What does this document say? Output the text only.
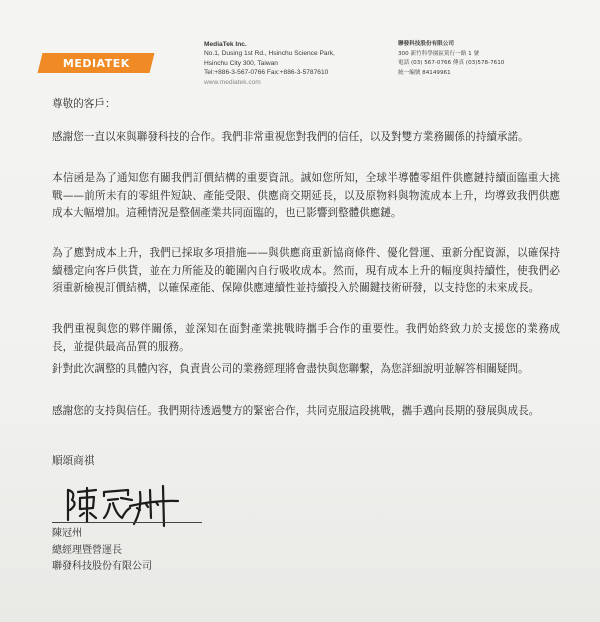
MEDIATEK
MediaTek Inc.
No.1, Dusing 1st Rd., Hsinchu Science Park,
Hsinchu City 300, Taiwan
Tel:+886-3-567-0766 Fax:+886-3-5787610
www.mediatek.com
聯發科技股份有限公司
300 新竹科學園區篤行一路 1 號
電話 (03) 567-0766 傳真 (03)578-7610
統一編號 84149961
尊敬的客戶：

感謝您一直以來與聯發科技的合作。我們非常重視您對我們的信任，以及對雙方業務關係的持續承諾。

本信函是為了通知您有關我們訂價結構的重要資訊。誠如您所知，全球半導體零組件供應鏈持續面臨重大挑戰——前所未有的零組件短缺、產能受限、供應商交期延長，以及原物料與物流成本上升，均導致我們供應成本大幅增加。這種情況是整個產業共同面臨的，也已影響到整體供應鏈。

為了應對成本上升，我們已採取多項措施——與供應商重新協商條件、優化營運、重新分配資源，以確保持續穩定向客戶供貨，並在力所能及的範圍內自行吸收成本。然而，現有成本上升的幅度與持續性，使我們必須重新檢視訂價結構，以確保產能、保障供應連續性並持續投入於關鍵技術研發，以支持您的未來成長。

我們重視與您的夥伴關係，並深知在面對產業挑戰時攜手合作的重要性。我們始終致力於支援您的業務成長，並提供最高品質的服務。

針對此次調整的具體內容，負責貴公司的業務經理將會盡快與您聯繫，為您詳細說明並解答相關疑問。

感謝您的支持與信任。我們期待透過雙方的緊密合作，共同克服這段挑戰，攜手邁向長期的發展與成長。

順頌商祺
陳冠州
總經理暨營運長
聯發科技股份有限公司
